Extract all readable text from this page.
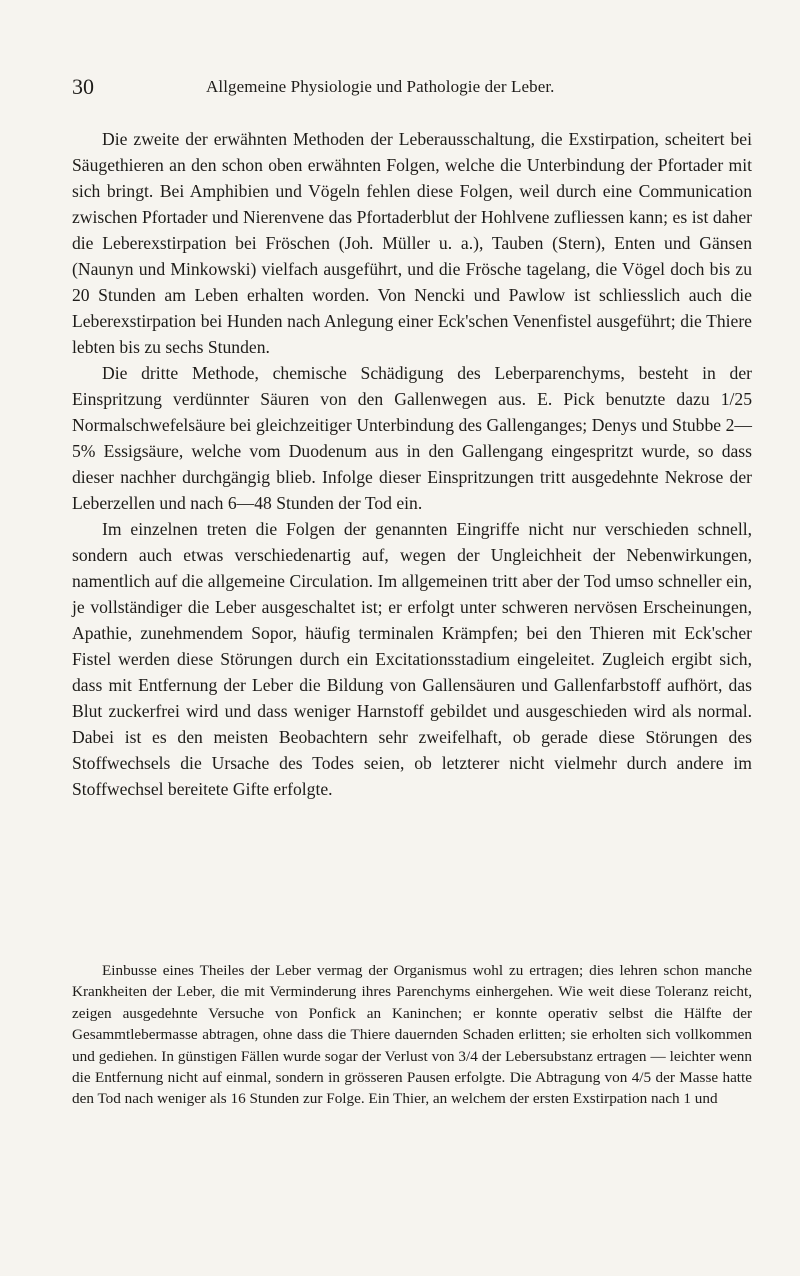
30	Allgemeine Physiologie und Pathologie der Leber.

Die zweite der erwähnten Methoden der Leberausschaltung, die Exstirpation, scheitert bei Säugethieren an den schon oben erwähnten Folgen, welche die Unterbindung der Pfortader mit sich bringt. Bei Amphibien und Vögeln fehlen diese Folgen, weil durch eine Communication zwischen Pfortader und Nierenvene das Pfortaderblut der Hohlvene zufliessen kann; es ist daher die Leberexstirpation bei Fröschen (Joh. Müller u. a.), Tauben (Stern), Enten und Gänsen (Naunyn und Minkowski) vielfach ausgeführt, und die Frösche tagelang, die Vögel doch bis zu 20 Stunden am Leben erhalten worden. Von Nencki und Pawlow ist schliesslich auch die Leberexstirpation bei Hunden nach Anlegung einer Eck'schen Venenfistel ausgeführt; die Thiere lebten bis zu sechs Stunden.

Die dritte Methode, chemische Schädigung des Leberparenchyms, besteht in der Einspritzung verdünnter Säuren von den Gallenwegen aus. E. Pick benutzte dazu 1/25 Normalschwefelsäure bei gleichzeitiger Unterbindung des Gallenganges; Denys und Stubbe 2—5% Essigsäure, welche vom Duodenum aus in den Gallengang eingespritzt wurde, so dass dieser nachher durchgängig blieb. Infolge dieser Einspritzungen tritt ausgedehnte Nekrose der Leberzellen und nach 6—48 Stunden der Tod ein.

Im einzelnen treten die Folgen der genannten Eingriffe nicht nur verschieden schnell, sondern auch etwas verschiedenartig auf, wegen der Ungleichheit der Nebenwirkungen, namentlich auf die allgemeine Circulation. Im allgemeinen tritt aber der Tod umso schneller ein, je vollständiger die Leber ausgeschaltet ist; er erfolgt unter schweren nervösen Erscheinungen, Apathie, zunehmendem Sopor, häufig terminalen Krämpfen; bei den Thieren mit Eck'scher Fistel werden diese Störungen durch ein Excitationsstadium eingeleitet. Zugleich ergibt sich, dass mit Entfernung der Leber die Bildung von Gallensäuren und Gallenfarbstoff aufhört, das Blut zuckerfrei wird und dass weniger Harnstoff gebildet und ausgeschieden wird als normal. Dabei ist es den meisten Beobachtern sehr zweifelhaft, ob gerade diese Störungen des Stoffwechsels die Ursache des Todes seien, ob letzterer nicht vielmehr durch andere im Stoffwechsel bereitete Gifte erfolgte.

Einbusse eines Theiles der Leber vermag der Organismus wohl zu ertragen; dies lehren schon manche Krankheiten der Leber, die mit Verminderung ihres Parenchyms einhergehen. Wie weit diese Toleranz reicht, zeigen ausgedehnte Versuche von Ponfick an Kaninchen; er konnte operativ selbst die Hälfte der Gesammtlebermasse abtragen, ohne dass die Thiere dauernden Schaden erlitten; sie erholten sich vollkommen und gediehen. In günstigen Fällen wurde sogar der Verlust von 3/4 der Lebersubstanz ertragen — leichter wenn die Entfernung nicht auf einmal, sondern in grösseren Pausen erfolgte. Die Abtragung von 4/5 der Masse hatte den Tod nach weniger als 16 Stunden zur Folge. Ein Thier, an welchem der ersten Exstirpation nach 1 und
